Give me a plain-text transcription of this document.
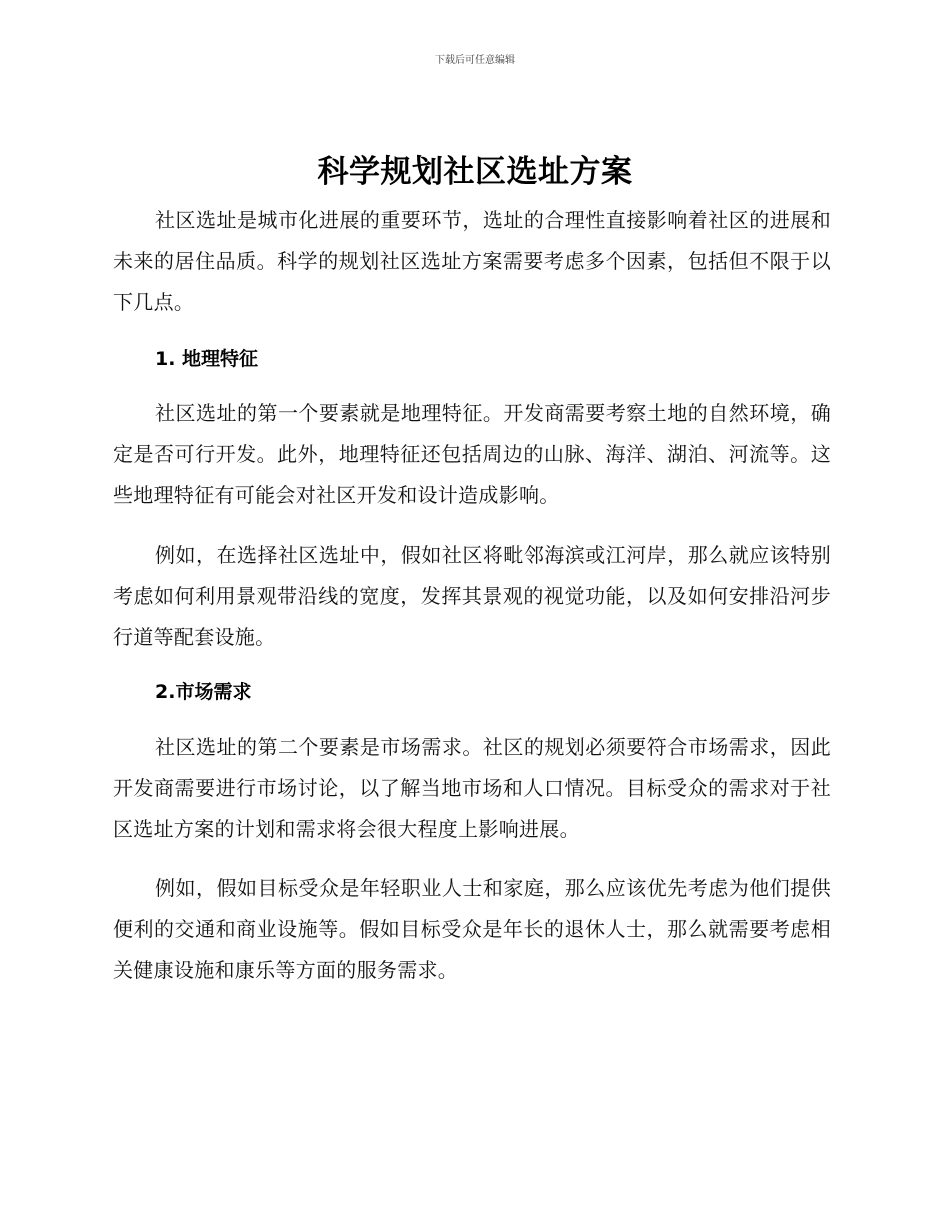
下载后可任意编辑
科学规划社区选址方案

社区选址是城市化进展的重要环节，选址的合理性直接影响着社区的进展和未来的居住品质。科学的规划社区选址方案需要考虑多个因素，包括但不限于以下几点。

1. 地理特征

社区选址的第一个要素就是地理特征。开发商需要考察土地的自然环境，确定是否可行开发。此外，地理特征还包括周边的山脉、海洋、湖泊、河流等。这些地理特征有可能会对社区开发和设计造成影响。

例如，在选择社区选址中，假如社区将毗邻海滨或江河岸，那么就应该特别考虑如何利用景观带沿线的宽度，发挥其景观的视觉功能，以及如何安排沿河步行道等配套设施。

2.市场需求

社区选址的第二个要素是市场需求。社区的规划必须要符合市场需求，因此开发商需要进行市场讨论，以了解当地市场和人口情况。目标受众的需求对于社区选址方案的计划和需求将会很大程度上影响进展。

例如，假如目标受众是年轻职业人士和家庭，那么应该优先考虑为他们提供便利的交通和商业设施等。假如目标受众是年长的退休人士，那么就需要考虑相关健康设施和康乐等方面的服务需求。
